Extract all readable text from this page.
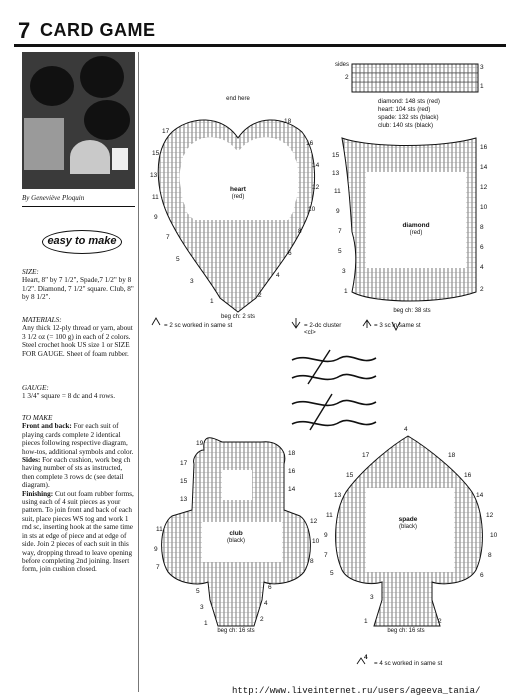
7 CARD GAME
By Geneviève Ploquin
easy to make
SIZE:
Heart, 8" by 7 1/2", Spade,7 1/2" by 8 1/2". Diamond, 7 1/2" square. Club, 8" by 8 1/2".
MATERIALS:
Any thick 12-ply thread or yarn, about 3 1/2 oz (= 100 g) in each of 2 colors. Steel crochet hook US size 1 or SIZE FOR GAUGE. Sheet of foam rubber.
GAUGE:
1 3/4" square = 8 dc and 4 rows.
TO MAKE
Front and back: For each suit of playing cards complete 2 identical pieces following respective diagram, how-tos, additional symbols and color.
Sides: For each cushion, work beg ch having number of sts as instructed, then complete 3 rows dc (see detail diagram).
Finishing: Cut out foam rubber forms, using each of 4 suit pieces as your pattern. To join front and back of each suit, place pieces WS tog and work 1 rnd sc, inserting hook at the same time in sts at edge of piece and at edge of side. Join 2 pieces of each suit in this way, dropping thread to leave opening before completing 2nd joining. Insert form, join cushion closed.
end here
heart
(red)
beg ch: 2 sts
17
15
13
11
9
7
5
3
1
18
16
14
12
10
8
6
4
2
sides	3
2
1
diamond: 148 sts (red)
heart: 104 sts (red)
spade: 132 sts (black)
club: 140 sts (black)
diamond
(red)
beg ch: 38 sts
15
13
11
9
7
5
3
1
16
14
12
10
8
6
4
2
= 2 sc worked in same st	= 2-dc cluster <cl>
= 3 sc in same st
club
(black)
beg ch: 16 sts
19
17
15
13
11
9
7
5
3
1
18
16
14
12
10
8
6
4
2
4
spade
(black)
beg ch: 16 sts
17
15
13
11
9
7
5
3
1
18
16
14
12
10
8
6
2
4
= 4 sc worked in same st
http://www.liveinternet.ru/users/ageeva_tania/
